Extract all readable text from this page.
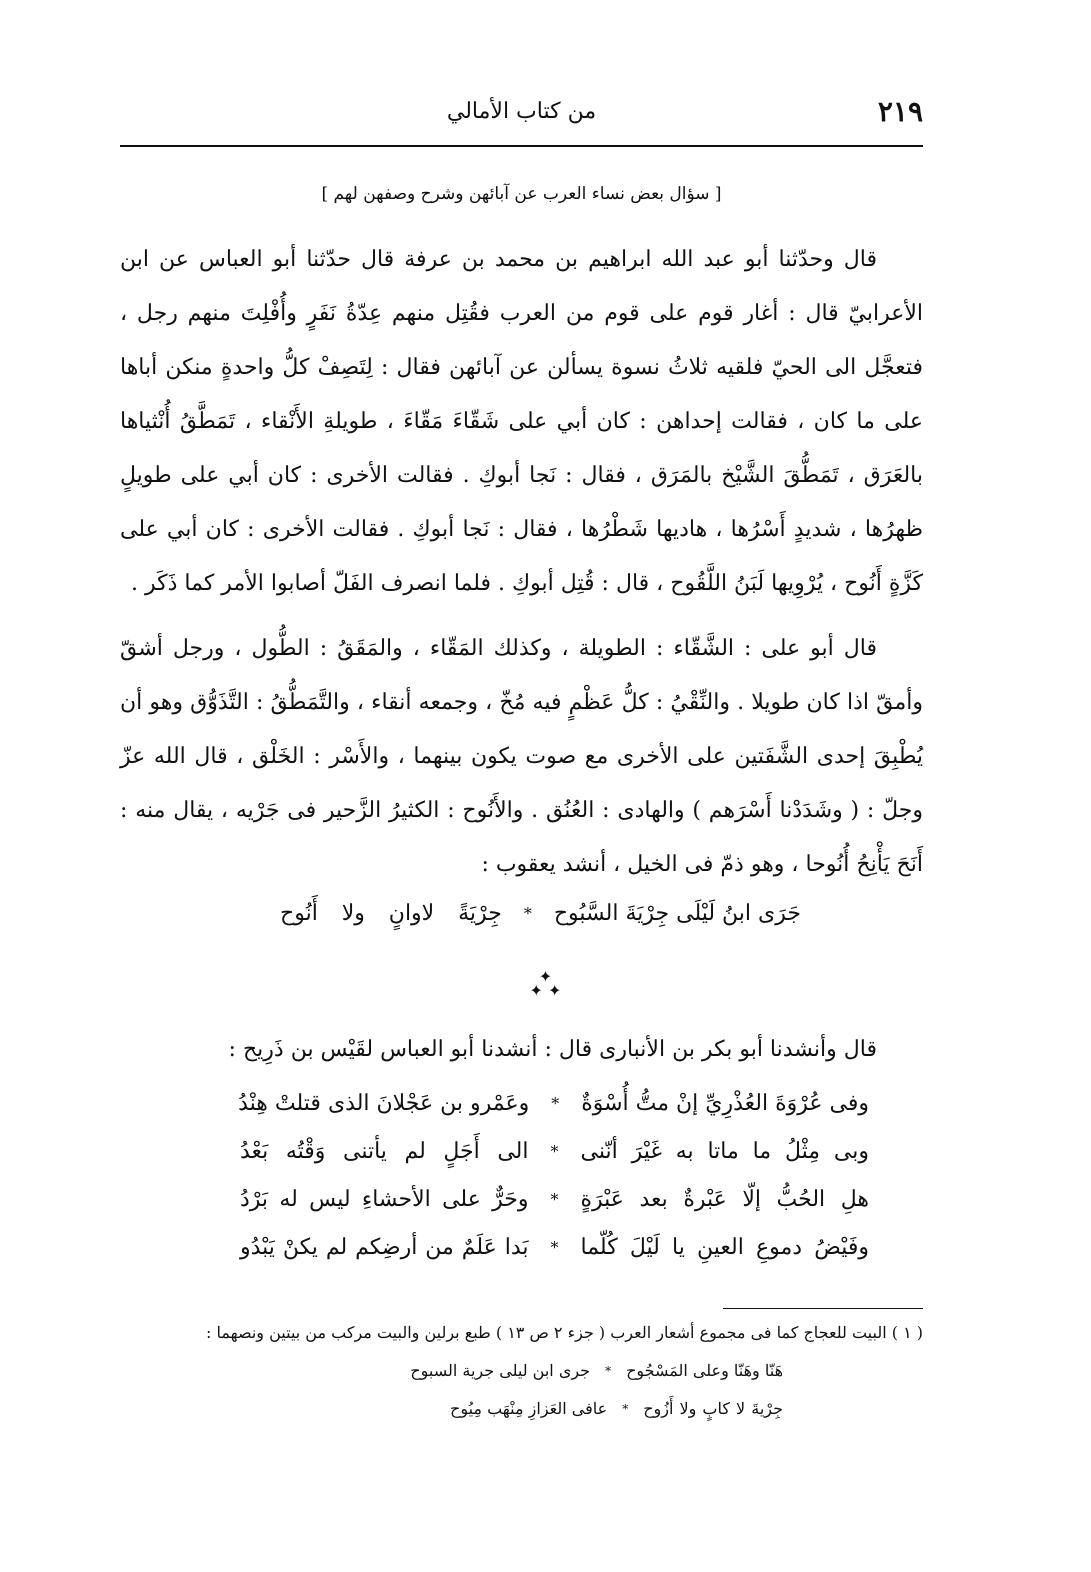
٢١٩
من كتاب الأمالي
[ سؤال بعض نساء العرب عن آبائهن وشرح وصفهن لهم ]

قال وحدّثنا أبو عبد الله ابراهيم بن محمد بن عرفة قال حدّثنا أبو العباس عن ابن الأعرابيّ قال : أغار قوم على قوم من العرب فقُتِل منهم عِدّةُ نَفَرٍ وأُفْلِتَ منهم رجل ، فتعجَّل الى الحيّ فلقيه ثلاثُ نسوة يسألن عن آبائهن فقال : لِتَصِفْ كلُّ واحدةٍ منكن أباها على ما كان ، فقالت إحداهن : كان أبي على شَقّاءَ مَقّاءَ ، طويلةِ الأَنْقاء ، تَمَطَّقُ أُنْثياها بالعَرَق ، تَمَطُّقَ الشَّيْخ بالمَرَق ، فقال : نَجا أبوكِ . فقالت الأخرى : كان أبي على طويلٍ ظهرُها ، شديدٍ أَسْرُها ، هاديها شَطْرُها ، فقال : نَجا أبوكِ . فقالت الأخرى : كان أبي على كَزَّةٍ أَنُوح ، يُرْوِيها لَبَنُ اللَّقُوح ، قال : قُتِل أبوكِ . فلما انصرف الفَلّ أصابوا الأمر كما ذَكَر .

قال أبو على : الشَّقّاء : الطويلة ، وكذلك المَقّاء ، والمَقَقُ : الطُّول ، ورجل أشقّ وأمقّ اذا كان طويلا . والنِّقْيُ : كلُّ عَظْمٍ فيه مُخّ ، وجمعه أنقاء ، والتَّمَطُّقُ : التَّذَوُّق وهو أن يُطْبِقَ إحدى الشَّفَتين على الأخرى مع صوت يكون بينهما ، والأَسْر : الخَلْق ، قال الله عزّ وجلّ : ( وشَدَدْنا أَسْرَهم ) والهادى : العُنُق . والأَنُوح : الكثيرُ الزَّحير فى جَرْيه ، يقال منه : أَنَحَ يَأْنِحُ أُنُوحا ، وهو ذمّ فى الخيل ، أنشد يعقوب :

جَرَى ابنُ لَيْلَى جِرْيَةَ السَّبُوح
*
جِرْيَةً لاوانٍ ولا أَنُوح
✦
✦ ✦

قال وأنشدنا أبو بكر بن الأنبارى قال : أنشدنا أبو العباس لقَيْس بن ذَرِيح :

وفى عُرْوَةَ العُذْرِيِّ إنْ متُّ أُسْوَةٌ
*
وعَمْرو بن عَجْلانَ الذى قتلتْ هِنْدُ
وبى مِثْلُ ما ماتا به غَيْرَ أنّنى
*
الى أَجَلٍ لم يأتنى وَقْتُه بَعْدُ
هلِ الحُبُّ إلّا عَبْرةٌ بعد عَبْرَةٍ
*
وحَرٌّ على الأحشاءِ ليس له بَرْدُ
وفَيْضُ دموعِ العينِ يا لَيْلَ كُلّما
*
بَدا عَلَمٌ من أرضِكم لم يكنْ يَبْدُو

( ١ ) البيت للعجاج كما فى مجموع أشعار العرب ( جزء ٢ ص ١٣ ) طبع برلين والبيت مركب من بيتين ونصهما :

هَنّا وهَنّا وعلى المَسْجُوح
*
جرى ابن ليلى جرية السبوح
جِرْيةَ لا كابٍ ولا أَزُوح
*
عافى العَزازِ مِنْهَب مِيُوح
